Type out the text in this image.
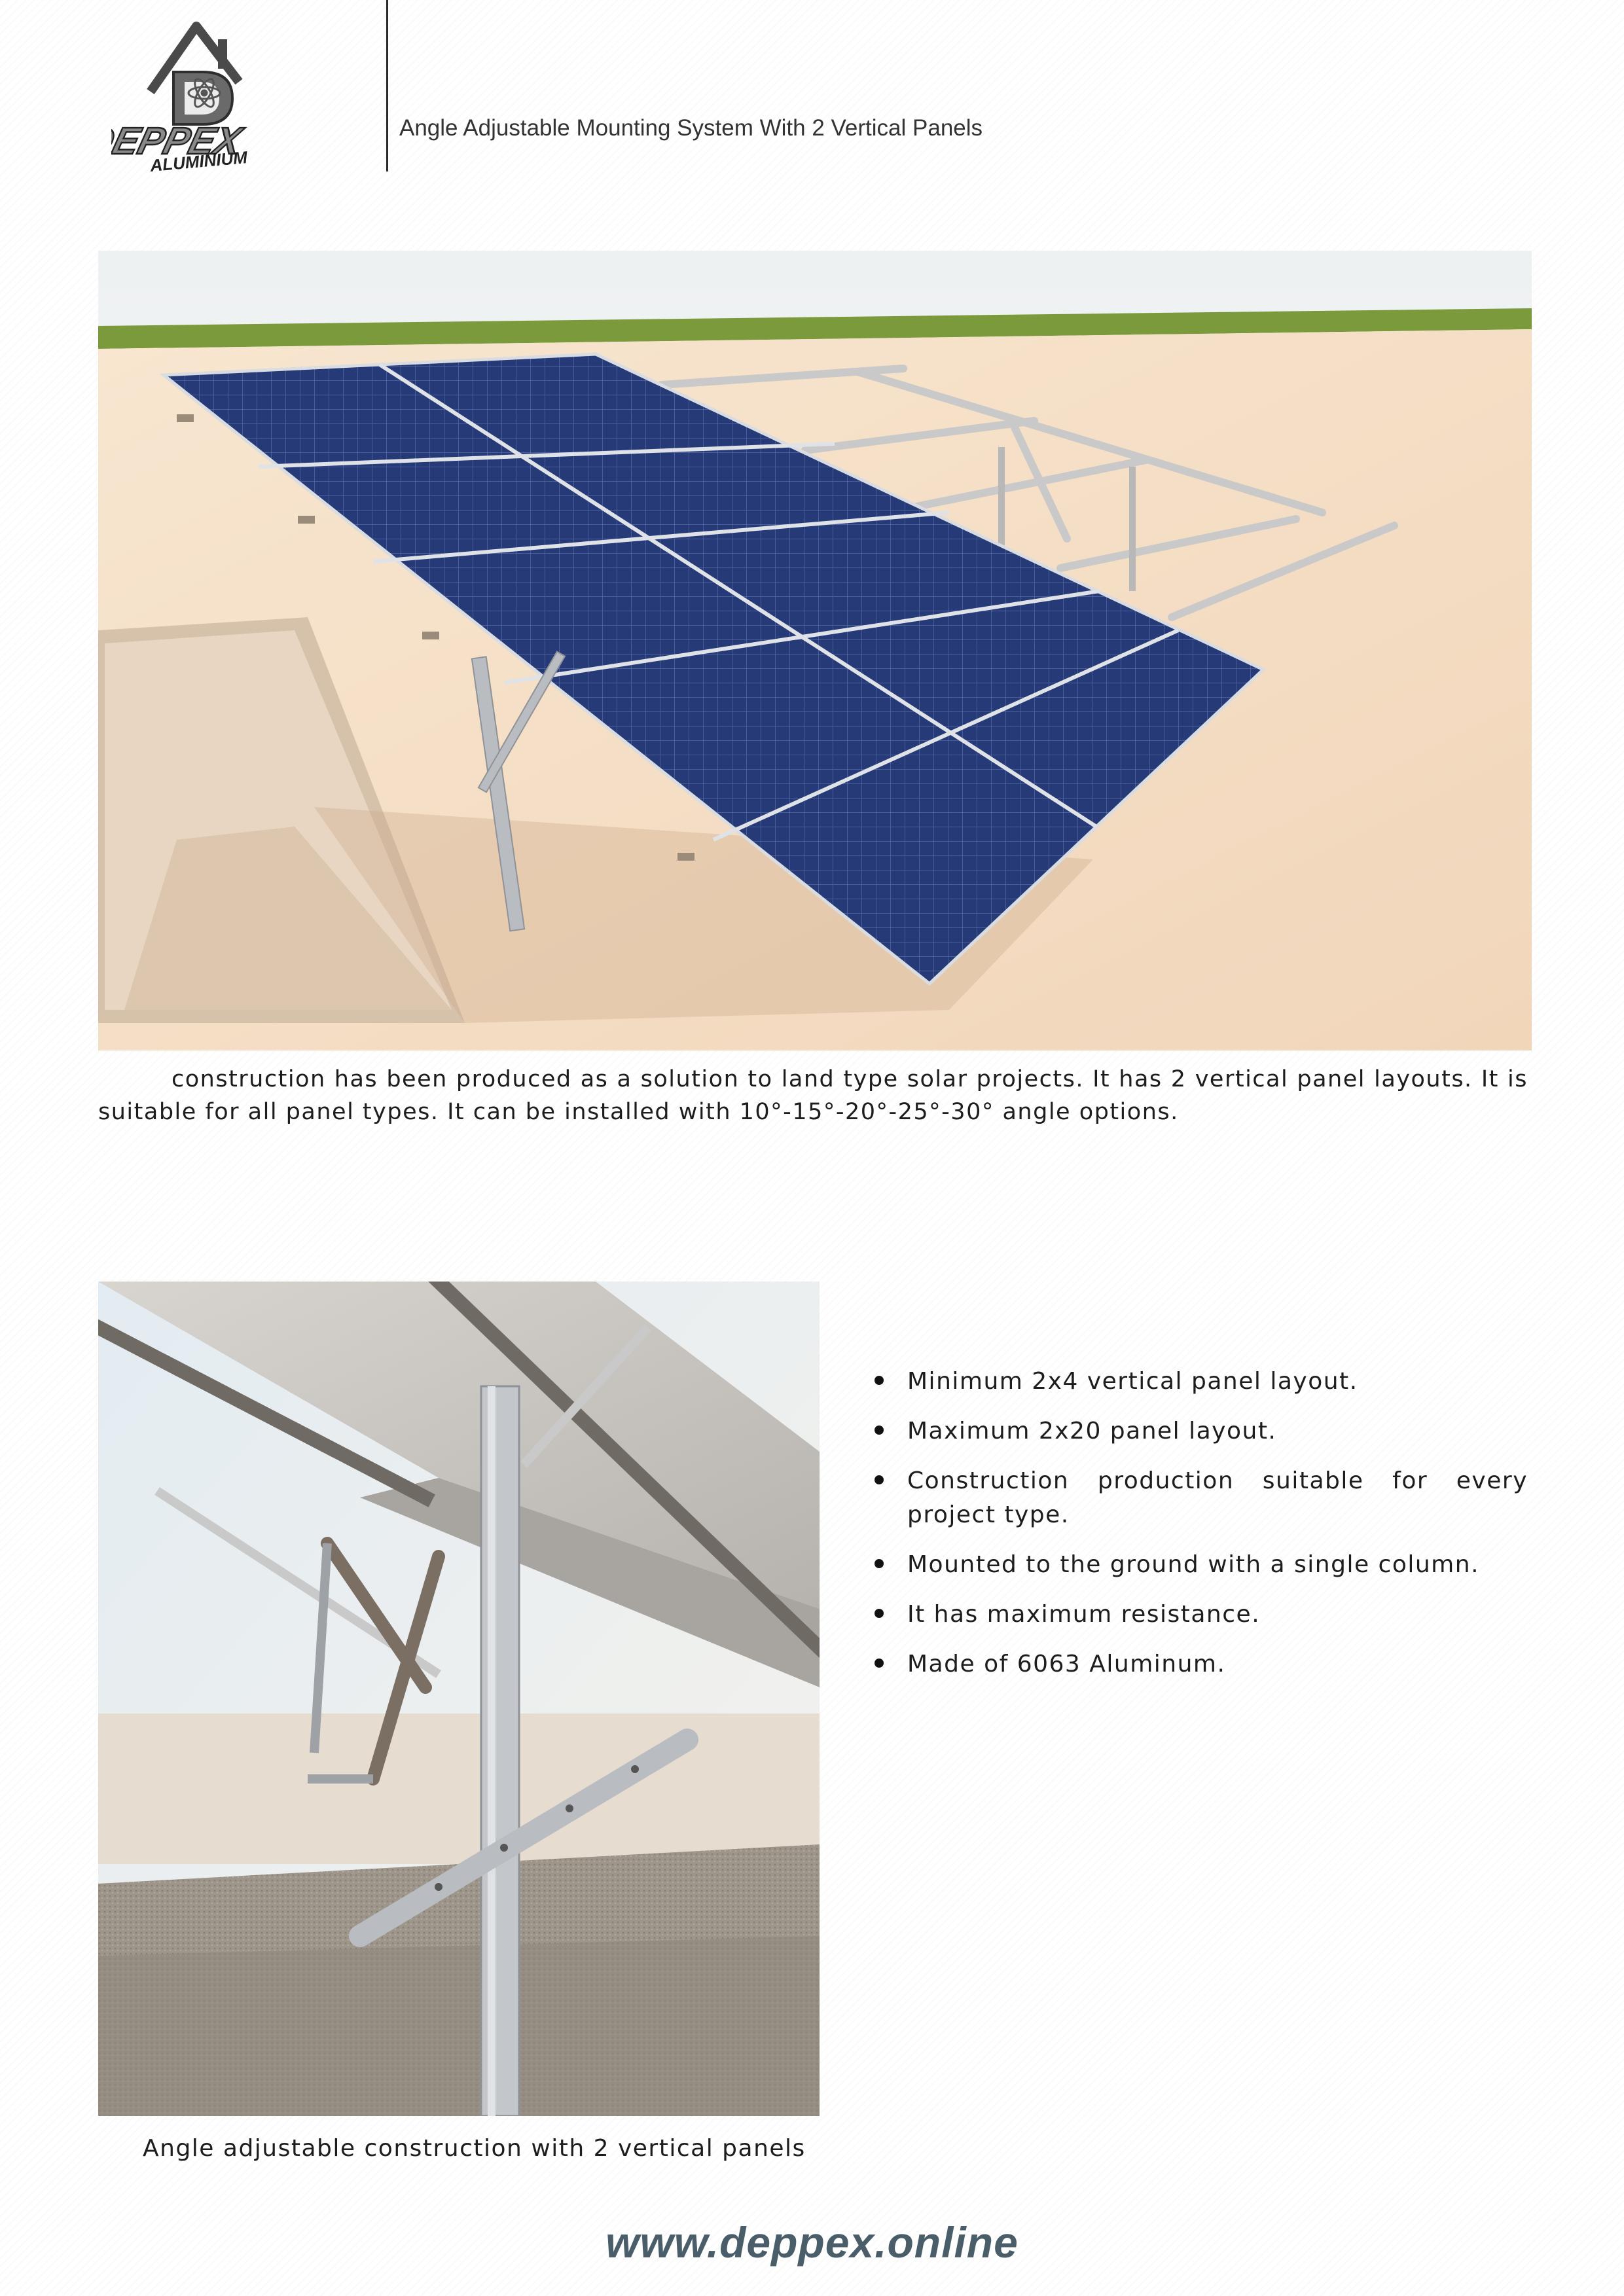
DEPPEX
ALUMINIUM
Angle Adjustable Mounting System With 2 Vertical Panels

construction has been produced as a solution to land type solar projects. It has 2 vertical panel layouts. It is suitable for all panel types. It can be installed with 10°-15°-20°-25°-30° angle options.

Minimum 2x4 vertical panel layout.
Maximum 2x20 panel layout.
Construction production suitable for every project type.
Mounted to the ground with a single column.
It has maximum resistance.
Made of 6063 Aluminum.
Angle adjustable construction with 2 vertical panels
www.deppex.online
